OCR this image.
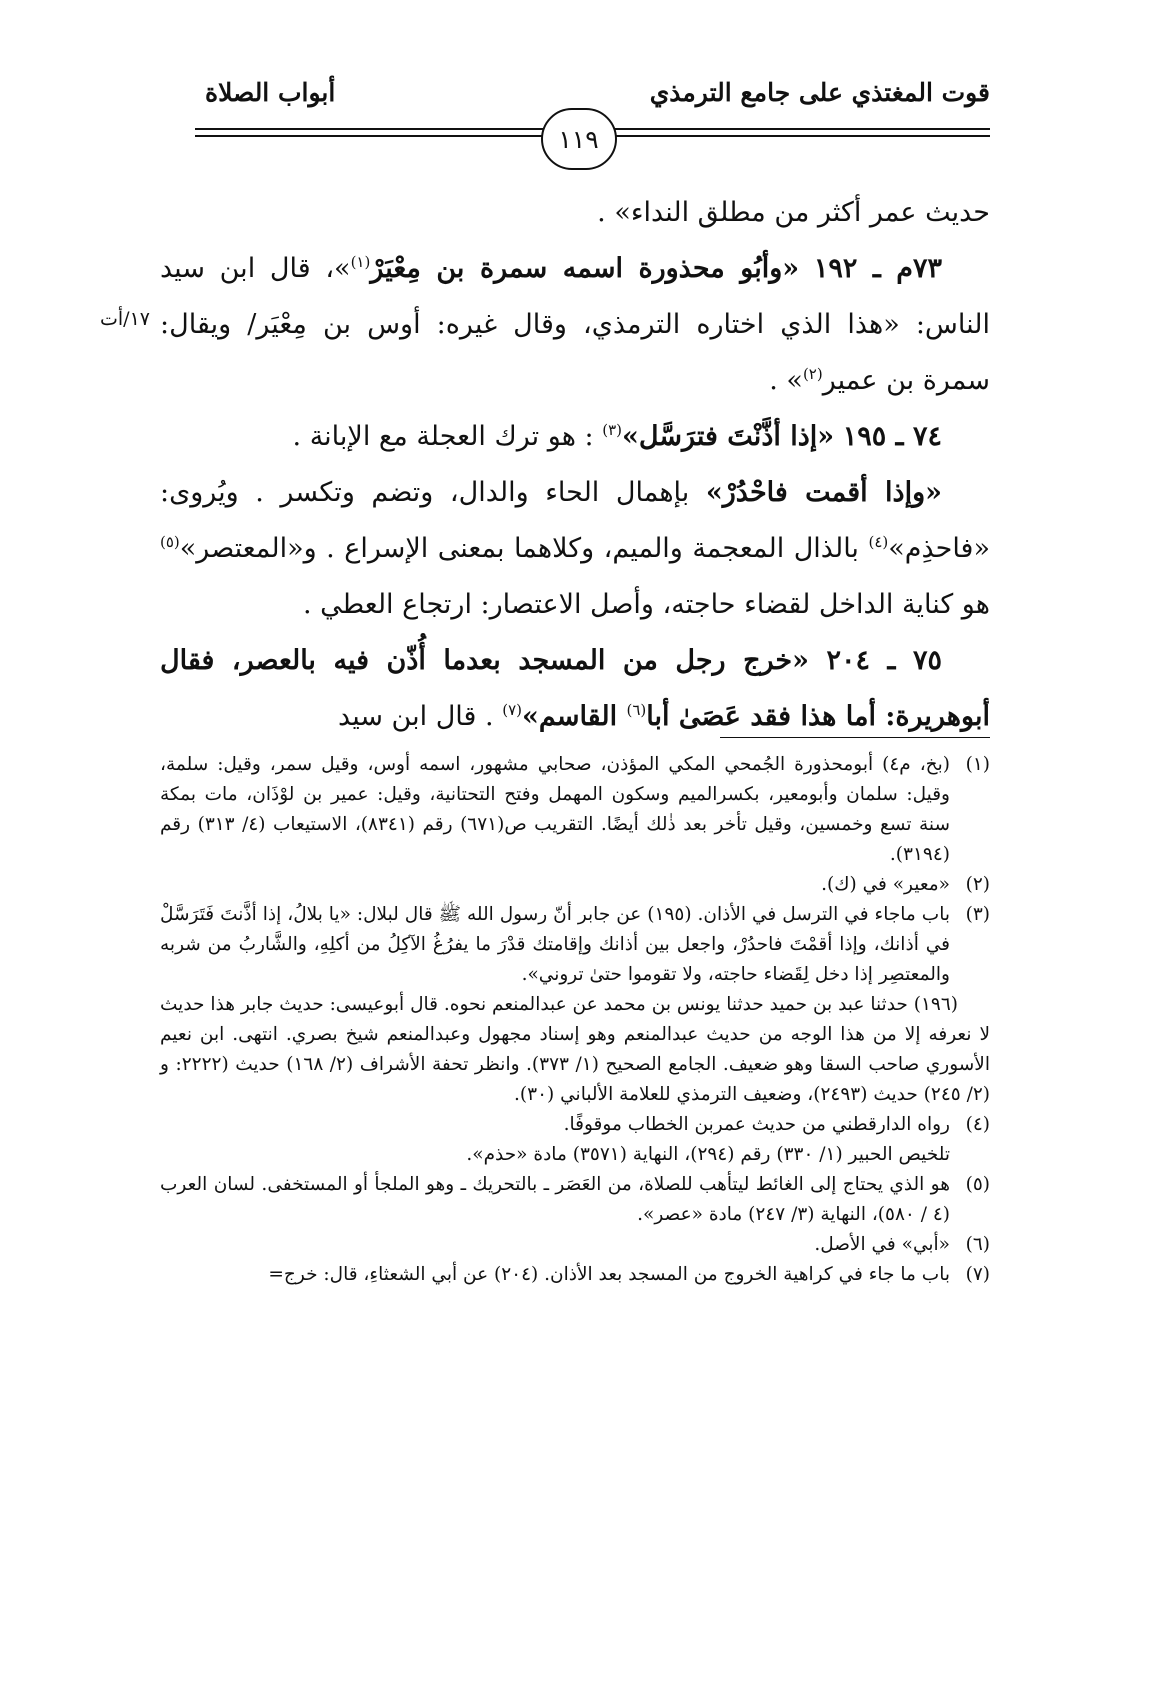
قوت المغتذي على جامع الترمذي
أبواب الصلاة
١١٩
١٧/أت

حديث عمر أكثر من مطلق النداء» .

٧٣م ـ ١٩٢ «وأبُو محذورة اسمه سمرة بن مِعْيَرْ$^{(١)}$»، قال ابن سيد الناس: «هذا الذي اختاره الترمذي، وقال غيره: أوس بن مِعْيَر/ ويقال: سمرة بن عمير$^{(٢)}$» .

٧٤ ـ ١٩٥ «إذا أذَّنْتَ فترَسَّل»$^{(٣)}$ : هو ترك العجلة مع الإبانة .

«وإذا أقمت فاحْدُرْ» بإهمال الحاء والدال، وتضم وتكسر . ويُروى: «فاحذِم»$^{(٤)}$ بالذال المعجمة والميم، وكلاهما بمعنى الإسراع . و«المعتصر»$^{(٥)}$ هو كناية الداخل لقضاء حاجته، وأصل الاعتصار: ارتجاع العطي .

٧٥ ـ ٢٠٤ «خرج رجل من المسجد بعدما أُذّن فيه بالعصر، فقال أبوهريرة: أما هذا فقد عَصَىٰ أبا$^{(٦)}$ القاسم»$^{(٧)}$ . قال ابن سيد

(١)
(بخ، م٤) أبومحذورة الجُمحي المكي المؤذن، صحابي مشهور، اسمه أوس، وقيل سمر، وقيل: سلمة، وقيل: سلمان وأبومعير، بكسرالميم وسكون المهمل وفتح التحتانية، وقيل: عمير بن لوْذَان، مات بمكة سنة تسع وخمسين، وقيل تأخر بعد ذٰلك أيضًا. التقريب ص(٦٧١) رقم (٨٣٤١)، الاستيعاب (٤/ ٣١٣) رقم (٣١٩٤).
(٢)
«معير» في (ك).
(٣)
باب ماجاء في الترسل في الأذان. (١٩٥) عن جابر أنّ رسول الله ﷺ قال لبلال: «يا بلالُ، إذا أذَّنتَ فَتَرَسَّلْ في أذانك، وإذا أقمْتَ فاحدُرْ، واجعل بين أذانك وإقامتك قدْرَ ما يفرُغُ الآكِلُ من أكلِهِ، والشَّاربُ من شربه والمعتصِر إذا دخل لِقَضاء حاجته، ولا تقوموا حتىٰ تروني».
(١٩٦) حدثنا عبد بن حميد حدثنا يونس بن محمد عن عبدالمنعم نحوه. قال أبوعيسى: حديث جابر هذا حديث لا نعرفه إلا من هذا الوجه من حديث عبدالمنعم وهو إسناد مجهول وعبدالمنعم شيخ بصري. انتهى. ابن نعيم الأسوري صاحب السقا وهو ضعيف. الجامع الصحيح (١/ ٣٧٣). وانظر تحفة الأشراف (٢/ ١٦٨) حديث (٢٢٢٢: و (٢/ ٢٤٥) حديث (٢٤٩٣)، وضعيف الترمذي للعلامة الألباني (٣٠).
(٤)
رواه الدارقطني من حديث عمربن الخطاب موقوفًا.
تلخيص الحبير (١/ ٣٣٠) رقم (٢٩٤)، النهاية (٣٥٧١) مادة «حذم».
(٥)
هو الذي يحتاج إلى الغائط ليتأهب للصلاة، من العَصَر ـ بالتحريك ـ وهو الملجأ أو المستخفى. لسان العرب (٤ / ٥٨٠)، النهاية (٣/ ٢٤٧) مادة «عصر».
(٦)
«أبي» في الأصل.
(٧)
باب ما جاء في كراهية الخروج من المسجد بعد الأذان. (٢٠٤) عن أبي الشعثاءِ، قال: خرج=
